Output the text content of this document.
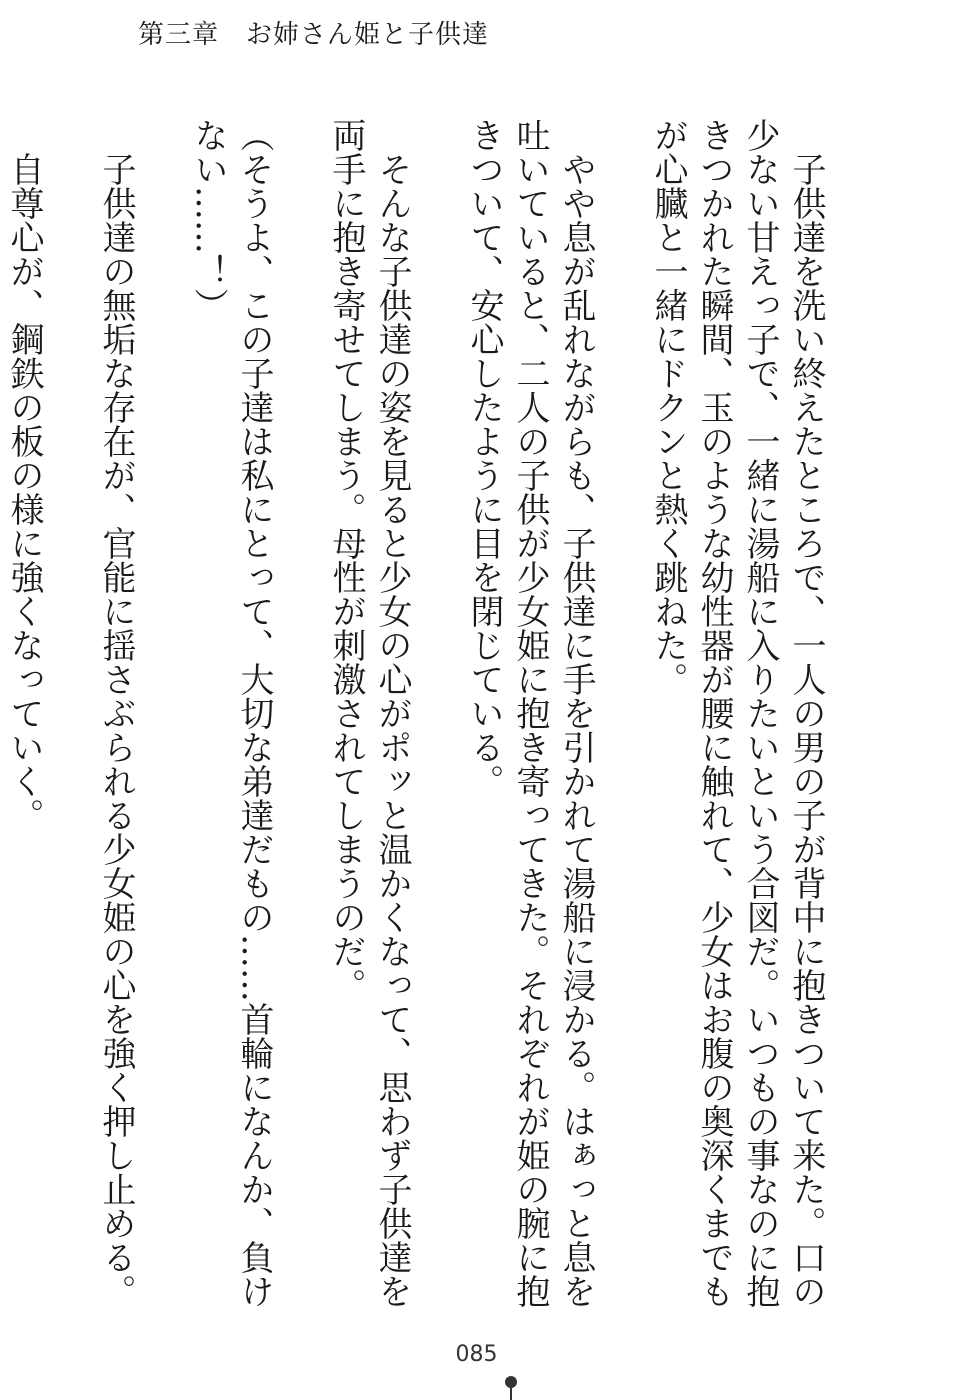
第三章　お姉さん姫と子供達

　子供達を洗い終えたところで、一人の男の子が背中に抱きついて来た。口の少ない甘えっ子で、一緒に湯船に入りたいという合図だ。いつもの事なのに抱きつかれた瞬間、玉のような幼性器が腰に触れて、少女はお腹の奥深くまでもが心臓と一緒にドクンと熱く跳ねた。

　やや息が乱れながらも、子供達に手を引かれて湯船に浸かる。はぁっと息を吐いていると、二人の子供が少女姫に抱き寄ってきた。それぞれが姫の腕に抱きついて、安心したように目を閉じている。

　そんな子供達の姿を見ると少女の心がポッと温かくなって、思わず子供達を両手に抱き寄せてしまう。母性が刺激されてしまうのだ。

（そうよ、この子達は私にとって、大切な弟達だもの……首輪になんか、負けない……！）

　子供達の無垢な存在が、官能に揺さぶられる少女姫の心を強く押し止める。

　自尊心が、鋼鉄の板の様に強くなっていく。

085
